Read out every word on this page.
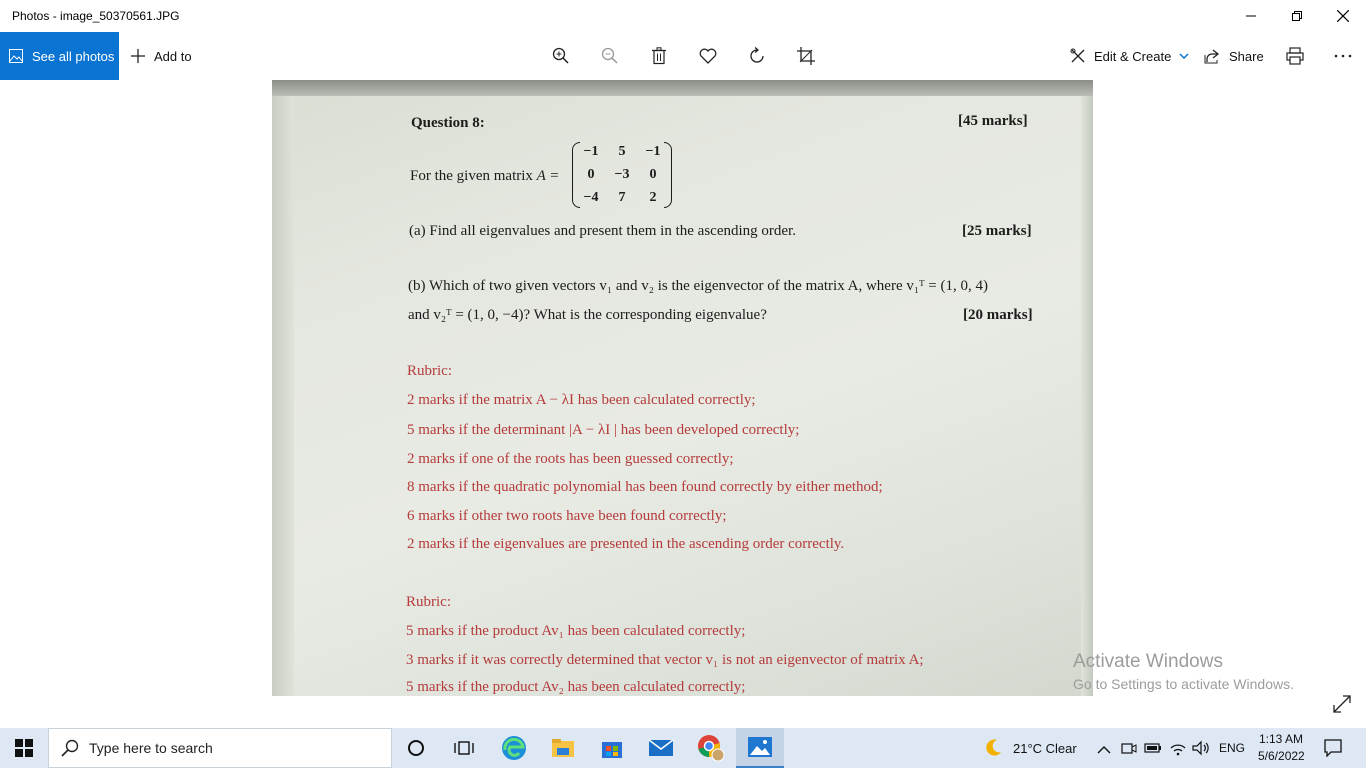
Photos - image_50370561.JPG
See all photos	Add to	Edit & Create	Share
Question 8:	[45 marks]
For the given matrix A =
−1	5	−1
0	−3	0
−4	7	2
(a) Find all eigenvalues and present them in the ascending order.	[25 marks]
(b) Which of two given vectors v₁ and v₂ is the eigenvector of the matrix A, where v₁ᵀ = (1, 0, 4)
and v₂ᵀ = (1, 0, −4)? What is the corresponding eigenvalue?	[20 marks]
Rubric:
2 marks if the matrix A − λI has been calculated correctly;
5 marks if the determinant |A − λI | has been developed correctly;
2 marks if one of the roots has been guessed correctly;
8 marks if the quadratic polynomial has been found correctly by either method;
6 marks if other two roots have been found correctly;
2 marks if the eigenvalues are presented in the ascending order correctly.
Rubric:
5 marks if the product Av₁ has been calculated correctly;
3 marks if it was correctly determined that vector v₁ is not an eigenvector of matrix A;
5 marks if the product Av₂ has been calculated correctly;
Activate Windows
Go to Settings to activate Windows.
Type here to search	21°C Clear	ENG
1:13 AM
5/6/2022
